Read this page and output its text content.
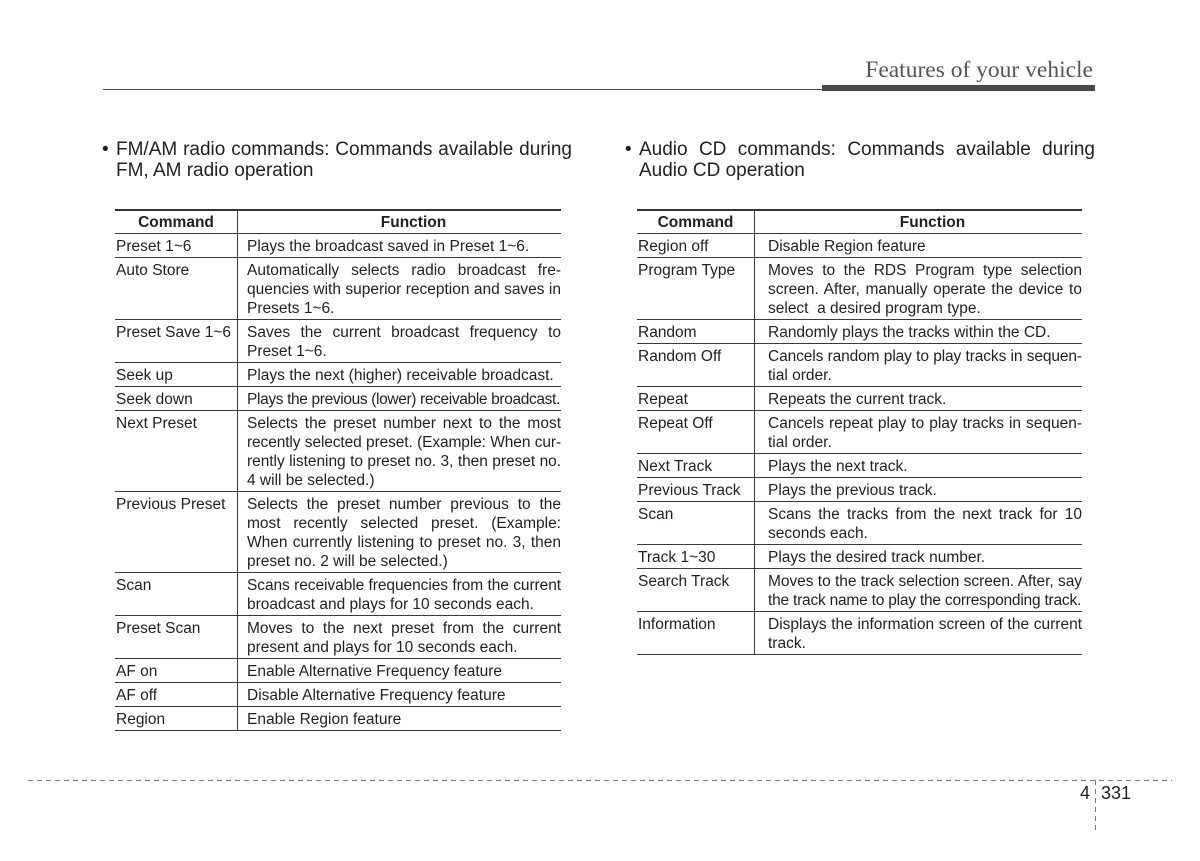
Features of your vehicle
• FM/AM radio commands: Commands available during
FM, AM radio operation
• Audio CD commands: Commands available during
Audio CD operation
Command	Function
Preset 1~6	Plays the broadcast saved in Preset 1~6.
Auto Store	Automatically selects radio broadcast fre-
quencies with superior reception and saves in
Presets 1~6.
Preset Save 1~6	Saves the current broadcast frequency to
Preset 1~6.
Seek up	Plays the next (higher) receivable broadcast.
Seek down	Plays the previous (lower) receivable broadcast.
Next Preset	Selects the preset number next to the most
recently selected preset. (Example: When cur-
rently listening to preset no. 3, then preset no.
4 will be selected.)
Previous Preset	Selects the preset number previous to the
most recently selected preset. (Example:
When currently listening to preset no. 3, then
preset no. 2 will be selected.)
Scan	Scans receivable frequencies from the current
broadcast and plays for 10 seconds each.
Preset Scan	Moves to the next preset from the current
present and plays for 10 seconds each.
AF on	Enable Alternative Frequency feature
AF off	Disable Alternative Frequency feature
Region	Enable Region feature
Command	Function
Region off	Disable Region feature
Program Type	Moves to the RDS Program type selection
screen. After, manually operate the device to
select  a desired program type.
Random	Randomly plays the tracks within the CD.
Random Off	Cancels random play to play tracks in sequen-
tial order.
Repeat	Repeats the current track.
Repeat Off	Cancels repeat play to play tracks in sequen-
tial order.
Next Track	Plays the next track.
Previous Track	Plays the previous track.
Scan	Scans the tracks from the next track for 10
seconds each.
Track 1~30	Plays the desired track number.
Search Track	Moves to the track selection screen. After, say
the track name to play the corresponding track.
Information	Displays the information screen of the current
track.
4 331
